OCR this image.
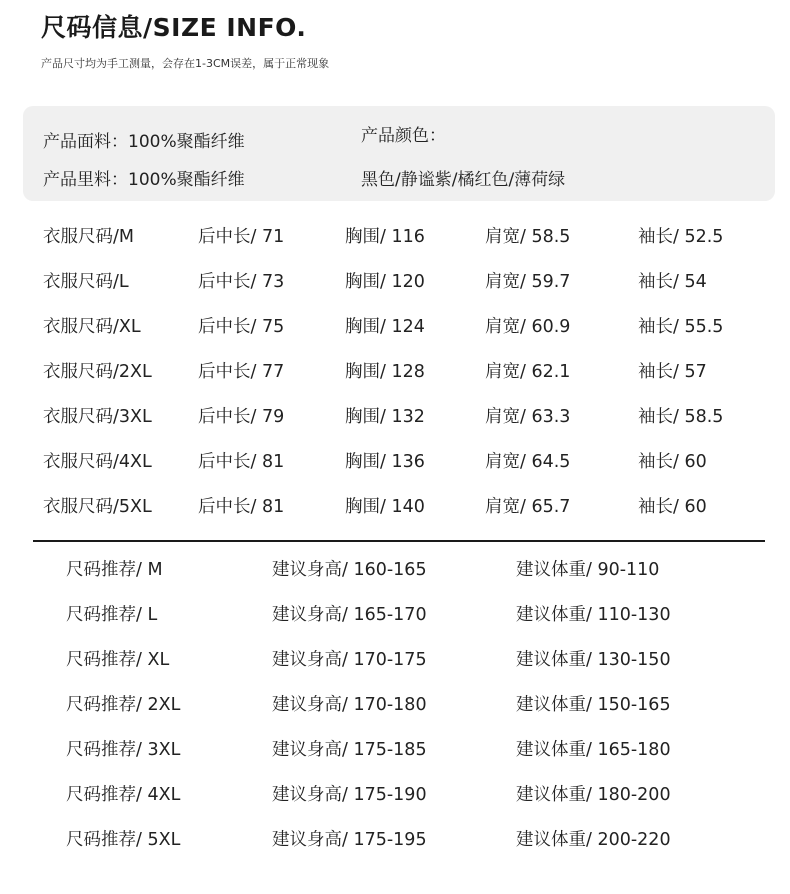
尺码信息/SIZE INFO.
产品尺寸均为手工测量，会存在1-3CM误差，属于正常现象
产品面料：100%聚酯纤维
产品里料：100%聚酯纤维
产品颜色：
黑色/静谧紫/橘红色/薄荷绿
衣服尺码/M	后中长/ 71	胸围/ 116	肩宽/ 58.5	袖长/ 52.5
衣服尺码/L	后中长/ 73	胸围/ 120	肩宽/ 59.7	袖长/ 54
衣服尺码/XL	后中长/ 75	胸围/ 124	肩宽/ 60.9	袖长/ 55.5
衣服尺码/2XL	后中长/ 77	胸围/ 128	肩宽/ 62.1	袖长/ 57
衣服尺码/3XL	后中长/ 79	胸围/ 132	肩宽/ 63.3	袖长/ 58.5
衣服尺码/4XL	后中长/ 81	胸围/ 136	肩宽/ 64.5	袖长/ 60
衣服尺码/5XL	后中长/ 81	胸围/ 140	肩宽/ 65.7	袖长/ 60
尺码推荐/ M	建议身高/ 160-165	建议体重/ 90-110
尺码推荐/ L	建议身高/ 165-170	建议体重/ 110-130
尺码推荐/ XL	建议身高/ 170-175	建议体重/ 130-150
尺码推荐/ 2XL	建议身高/ 170-180	建议体重/ 150-165
尺码推荐/ 3XL	建议身高/ 175-185	建议体重/ 165-180
尺码推荐/ 4XL	建议身高/ 175-190	建议体重/ 180-200
尺码推荐/ 5XL	建议身高/ 175-195	建议体重/ 200-220
